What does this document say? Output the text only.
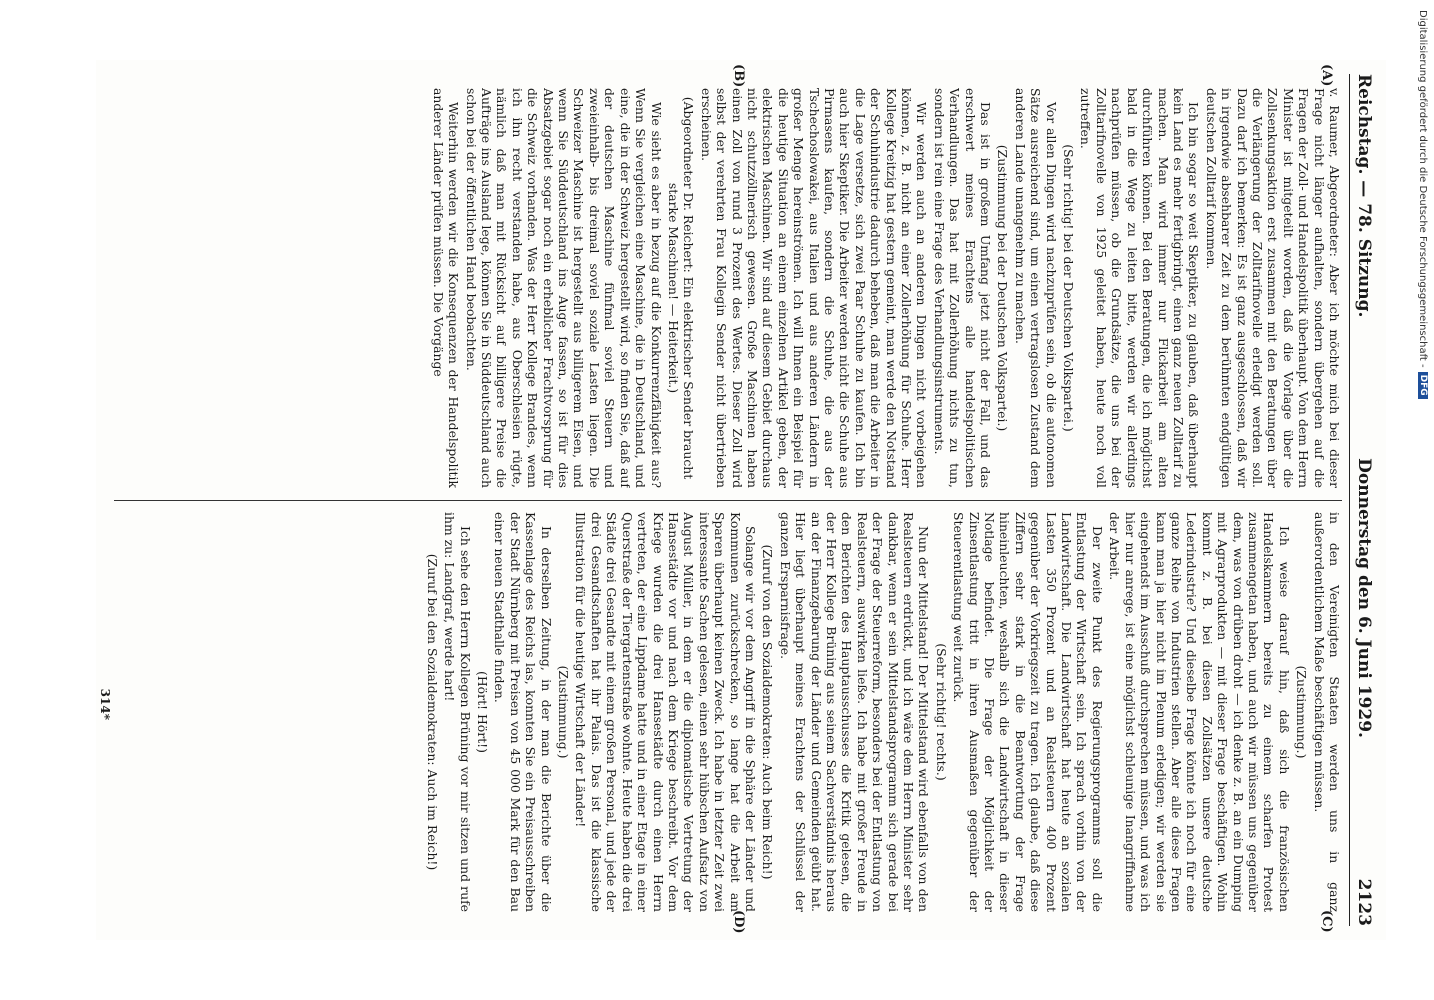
Reichstag. — 78. Sitzung.
Donnerstag den 6. Juni 1929.
2123
(A)
(B)
(C)
(D)

v. Raumer, Abgeordneter: Aber ich möchte mich bei dieser Frage nicht länger aufhalten, sondern übergehen auf die Fragen der Zoll- und Handelspolitik überhaupt. Von dem Herrn Minister ist mitgeteilt worden, daß die Vorlage über die Zollsenkungsaktion erst zusammen mit den Beratungen über die Verlängerung der Zolltarifnovelle erledigt werden soll. Dazu darf ich bemerken: Es ist ganz ausgeschlossen, daß wir in irgendwie absehbarer Zeit zu dem berühmten endgültigen deutschen Zolltarif kommen.

Ich bin sogar so weit Skeptiker, zu glauben, daß überhaupt kein Land es mehr fertigbringt, einen ganz neuen Zolltarif zu machen. Man wird immer nur Flickarbeit am alten durchführen können. Bei den Beratungen, die ich möglichst bald in die Wege zu leiten bitte, werden wir allerdings nachprüfen müssen, ob die Grundsätze, die uns bei der Zolltarifnovelle von 1925 geleitet haben, heute noch voll zutreffen.

(Sehr richtig! bei der Deutschen Volkspartei.)

Vor allen Dingen wird nachzuprüfen sein, ob die autonomen Sätze ausreichend sind, um einen vertragslosen Zustand dem anderen Lande unangenehm zu machen.

(Zustimmung bei der Deutschen Volkspartei.)

Das ist in großem Umfang jetzt nicht der Fall, und das erschwert meines Erachtens alle handelspolitischen Verhandlungen. Das hat mit Zollerhöhung nichts zu tun, sondern ist rein eine Frage des Verhandlungsinstruments.

Wir werden auch an anderen Dingen nicht vorbeigehen können, z. B. nicht an einer Zollerhöhung für Schuhe. Herr Kollege Kreitzig hat gestern gemeint, man werde den Notstand der Schuhindustrie dadurch beheben, daß man die Arbeiter in die Lage versetze, sich zwei Paar Schuhe zu kaufen. Ich bin auch hier Skeptiker. Die Arbeiter werden nicht die Schuhe aus Pirmasens kaufen, sondern die Schuhe, die aus der Tschechoslowakei, aus Italien und aus anderen Ländern in großer Menge hereinströmen. Ich will Ihnen ein Beispiel für die heutige Situation an einem einzelnen Artikel geben, der elektrischen Maschinen. Wir sind auf diesem Gebiet durchaus nicht schutzzöllnerisch gewesen. Große Maschinen haben einen Zoll von rund 3 Prozent des Wertes. Dieser Zoll wird selbst der verehrten Frau Kollegin Sender nicht übertrieben erscheinen.

(Abgeordneter Dr. Reichert: Ein elektrischer Sender braucht starke Maschinen! — Heiterkeit.)

Wie sieht es aber in bezug auf die Konkurrenzfähigkeit aus? Wenn Sie vergleichen eine Maschine, die in Deutschland, und eine, die in der Schweiz hergestellt wird, so finden Sie, daß auf der deutschen Maschine fünfmal soviel Steuern und zweieinhalb- bis dreimal soviel soziale Lasten liegen. Die Schweizer Maschine ist hergestellt aus billigerem Eisen, und wenn Sie Süddeutschland ins Auge fassen, so ist für dies Absatzgebiet sogar noch ein erheblicher Frachtvorsprung für die Schweiz vorhanden. Was der Herr Kollege Brandes, wenn ich ihn recht verstanden habe, aus Oberschlesien rügte, nämlich daß man mit Rücksicht auf billigere Preise die Aufträge ins Ausland lege, können Sie in Süddeutschland auch schon bei der öffentlichen Hand beobachten.

Weiterhin werden wir die Konsequenzen der Handelspolitik anderer Länder prüfen müssen. Die Vorgänge

in den Vereinigten Staaten werden uns in ganz außerordentlichem Maße beschäftigen müssen.

(Zustimmung.)

Ich weise darauf hin, daß sich die französischen Handelskammern bereits zu einem scharfen Protest zusammengetan haben, und auch wir müssen uns gegenüber dem, was von drüben droht — ich denke z. B. an ein Dumping mit Agrarprodukten — mit dieser Frage beschäftigen. Wohin kommt z. B. bei diesen Zollsätzen unsere deutsche Lederindustrie? Und dieselbe Frage könnte ich noch für eine ganze Reihe von Industrien stellen. Aber alle diese Fragen kann man ja hier nicht im Plenum erledigen; wir werden sie eingehendst im Ausschuß durchsprechen müssen, und was ich hier nur anrege, ist eine möglichst schleunige Inangriffnahme der Arbeit.

Der zweite Punkt des Regierungsprogramms soll die Entlastung der Wirtschaft sein. Ich sprach vorhin von der Landwirtschaft. Die Landwirtschaft hat heute an sozialen Lasten 350 Prozent und an Realsteuern 400 Prozent gegenüber der Vorkriegszeit zu tragen. Ich glaube, daß diese Ziffern sehr stark in die Beantwortung der Frage hineinleuchten, weshalb sich die Landwirtschaft in dieser Notlage befindet. Die Frage der Möglichkeit der Zinsentlastung tritt in ihren Ausmaßen gegenüber der Steuerentlastung weit zurück.

(Sehr richtig! rechts.)

Nun der Mittelstand! Der Mittelstand wird ebenfalls von den Realsteuern erdrückt, und ich wäre dem Herrn Minister sehr dankbar, wenn er sein Mittelstandsprogramm sich gerade bei der Frage der Steuerreform, besonders bei der Entlastung von Realsteuern, auswirken ließe. Ich habe mit großer Freude in den Berichten des Hauptausschusses die Kritik gelesen, die der Herr Kollege Brüning aus seinem Sachverständnis heraus an der Finanzgebarung der Länder und Gemeinden geübt hat. Hier liegt überhaupt meines Erachtens der Schlüssel der ganzen Ersparnisfrage.

(Zuruf von den Sozialdemokraten: Auch beim Reich!)

Solange wir vor dem Angriff in die Sphäre der Länder und Kommunen zurückschrecken, so lange hat die Arbeit am Sparen überhaupt keinen Zweck. Ich habe in letzter Zeit zwei interessante Sachen gelesen, einen sehr hübschen Aufsatz von August Müller, in dem er die diplomatische Vertretung der Hansestädte vor und nach dem Kriege beschreibt. Vor dem Kriege wurden die drei Hansestädte durch einen Herrn vertreten, der eine Lippdame hatte und in einer Etage in einer Querstraße der Tiergartenstraße wohnte. Heute haben die drei Städte drei Gesandte mit einem großen Personal, und jede der drei Gesandtschaften hat ihr Palais. Das ist die klassische Illustration für die heutige Wirtschaft der Länder!

(Zustimmung.)

In derselben Zeitung, in der man die Berichte über die Kassenlage des Reichs las, konnten Sie ein Preisausschreiben der Stadt Nürnberg mit Preisen von 45 000 Mark für den Bau einer neuen Stadthalle finden.

(Hört! Hört!)

Ich sehe den Herrn Kollegen Brüning vor mir sitzen und rufe ihm zu: Landgraf, werde hart!

(Zuruf bei den Sozialdemokraten: Auch im Reich!)

314*
Digitalisierung gefördert durch die Deutsche Forschungsgemeinschaft -
DFG
